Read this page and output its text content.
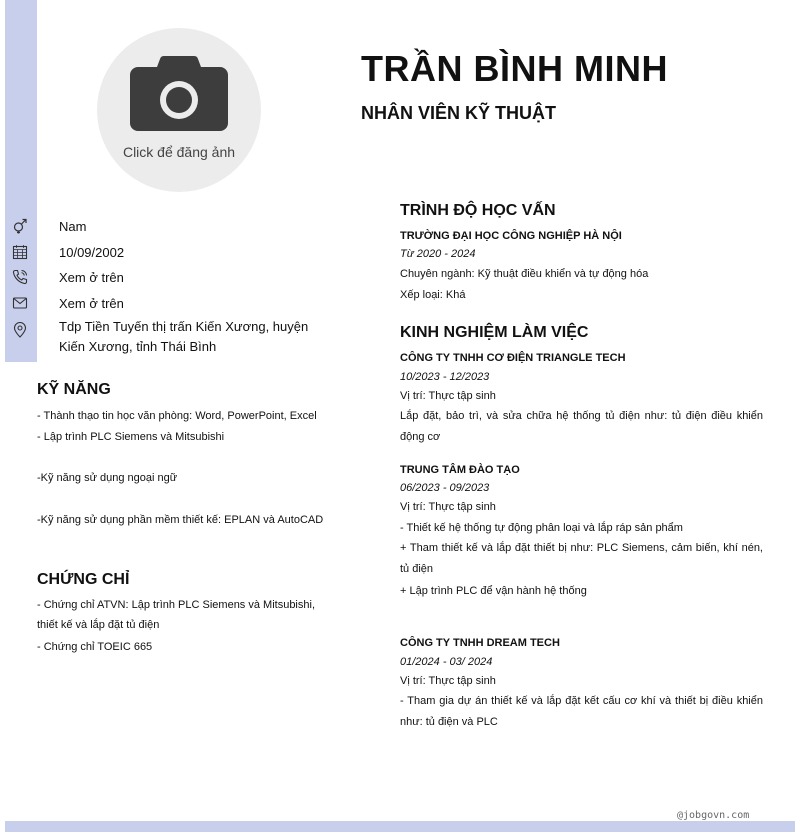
Click để đăng ảnh
TRẦN BÌNH MINH
NHÂN VIÊN KỸ THUẬT
Nam
10/09/2002
Xem ở trên
Xem ở trên
Tdp Tiền Tuyến thị trấn Kiến Xương, huyện
Kiến Xương, tỉnh Thái Bình
KỸ NĂNG
- Thành thạo tin học văn phòng: Word, PowerPoint, Excel
- Lập trình PLC Siemens và Mitsubishi
-Kỹ năng sử dụng ngoại ngữ
-Kỹ năng sử dụng phần mềm thiết kế: EPLAN và AutoCAD
CHỨNG CHỈ
- Chứng chỉ ATVN: Lập trình PLC Siemens và Mitsubishi, thiết kế và lắp đặt tủ điện
- Chứng chỉ TOEIC 665
TRÌNH ĐỘ HỌC VẤN
TRƯỜNG ĐẠI HỌC CÔNG NGHIỆP HÀ NỘI
Từ 2020 - 2024
Chuyên ngành: Kỹ thuật điều khiển và tự động hóa
Xếp loại: Khá
KINH NGHIỆM LÀM VIỆC
CÔNG TY TNHH CƠ ĐIỆN TRIANGLE TECH
10/2023 - 12/2023
Vị trí: Thực tập sinh
Lắp đặt, bảo trì, và sửa chữa hệ thống tủ điện như: tủ điện điều khiển động cơ
TRUNG TÂM ĐÀO TẠO
06/2023 - 09/2023
Vị trí: Thực tập sinh
- Thiết kế hệ thống tự động phân loại và lắp ráp sản phẩm
+ Tham thiết kế và lắp đặt thiết bị như: PLC Siemens, cảm biến, khí nén, tủ điện
+ Lập trình PLC để vận hành hệ thống
CÔNG TY TNHH DREAM TECH
01/2024 - 03/ 2024
Vị trí: Thực tập sinh
- Tham gia dự án thiết kế và lắp đặt kết cấu cơ khí và thiết bị điều khiển như: tủ điện và PLC
@jobgovn.com
